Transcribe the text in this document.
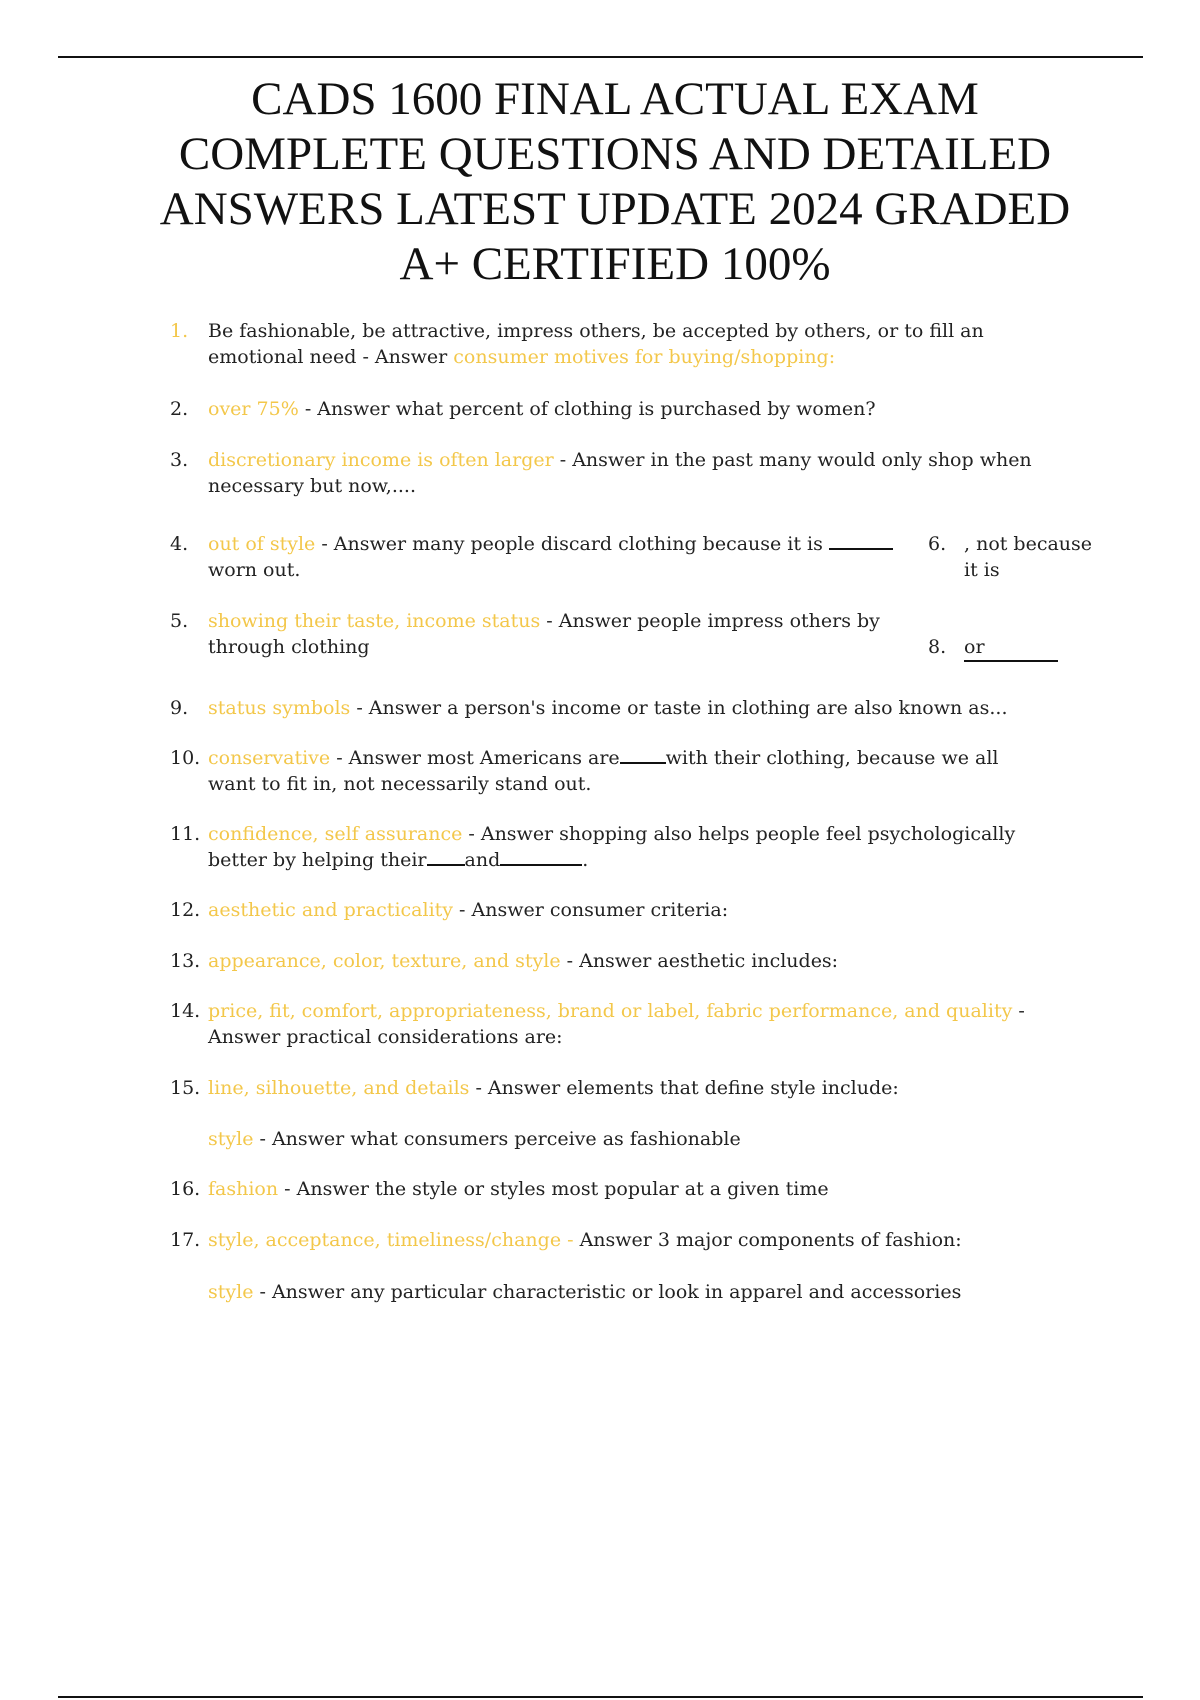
CADS 1600 FINAL ACTUAL EXAM
COMPLETE QUESTIONS AND DETAILED
ANSWERS LATEST UPDATE 2024 GRADED
A+ CERTIFIED 100%
1.	Be fashionable, be attractive, impress others, be accepted by others, or to fill an
emotional need - Answer consumer motives for buying/shopping:
2.	over 75% - Answer what percent of clothing is purchased by women?
3.	discretionary income is often larger - Answer in the past many would only shop when
necessary but now,....
4.	out of style - Answer many people discard clothing because it is
worn out.
6. , not because
it is
5.	showing their taste, income status - Answer people impress others by
through clothing	8. or
9.	status symbols - Answer a person's income or taste in clothing are also known as...
10. conservative - Answer most Americans are with their clothing, because we all
want to fit in, not necessarily stand out.
11. confidence, self assurance - Answer shopping also helps people feel psychologically
better by helping their and	.
12. aesthetic and practicality - Answer consumer criteria:
13. appearance, color, texture, and style - Answer aesthetic includes:
14. price, fit, comfort, appropriateness, brand or label, fabric performance, and quality -
Answer practical considerations are:
15. line, silhouette, and details - Answer elements that define style include:
style - Answer what consumers perceive as fashionable
16. fashion - Answer the style or styles most popular at a given time
17. style, acceptance, timeliness/change - Answer 3 major components of fashion:
style - Answer any particular characteristic or look in apparel and accessories
